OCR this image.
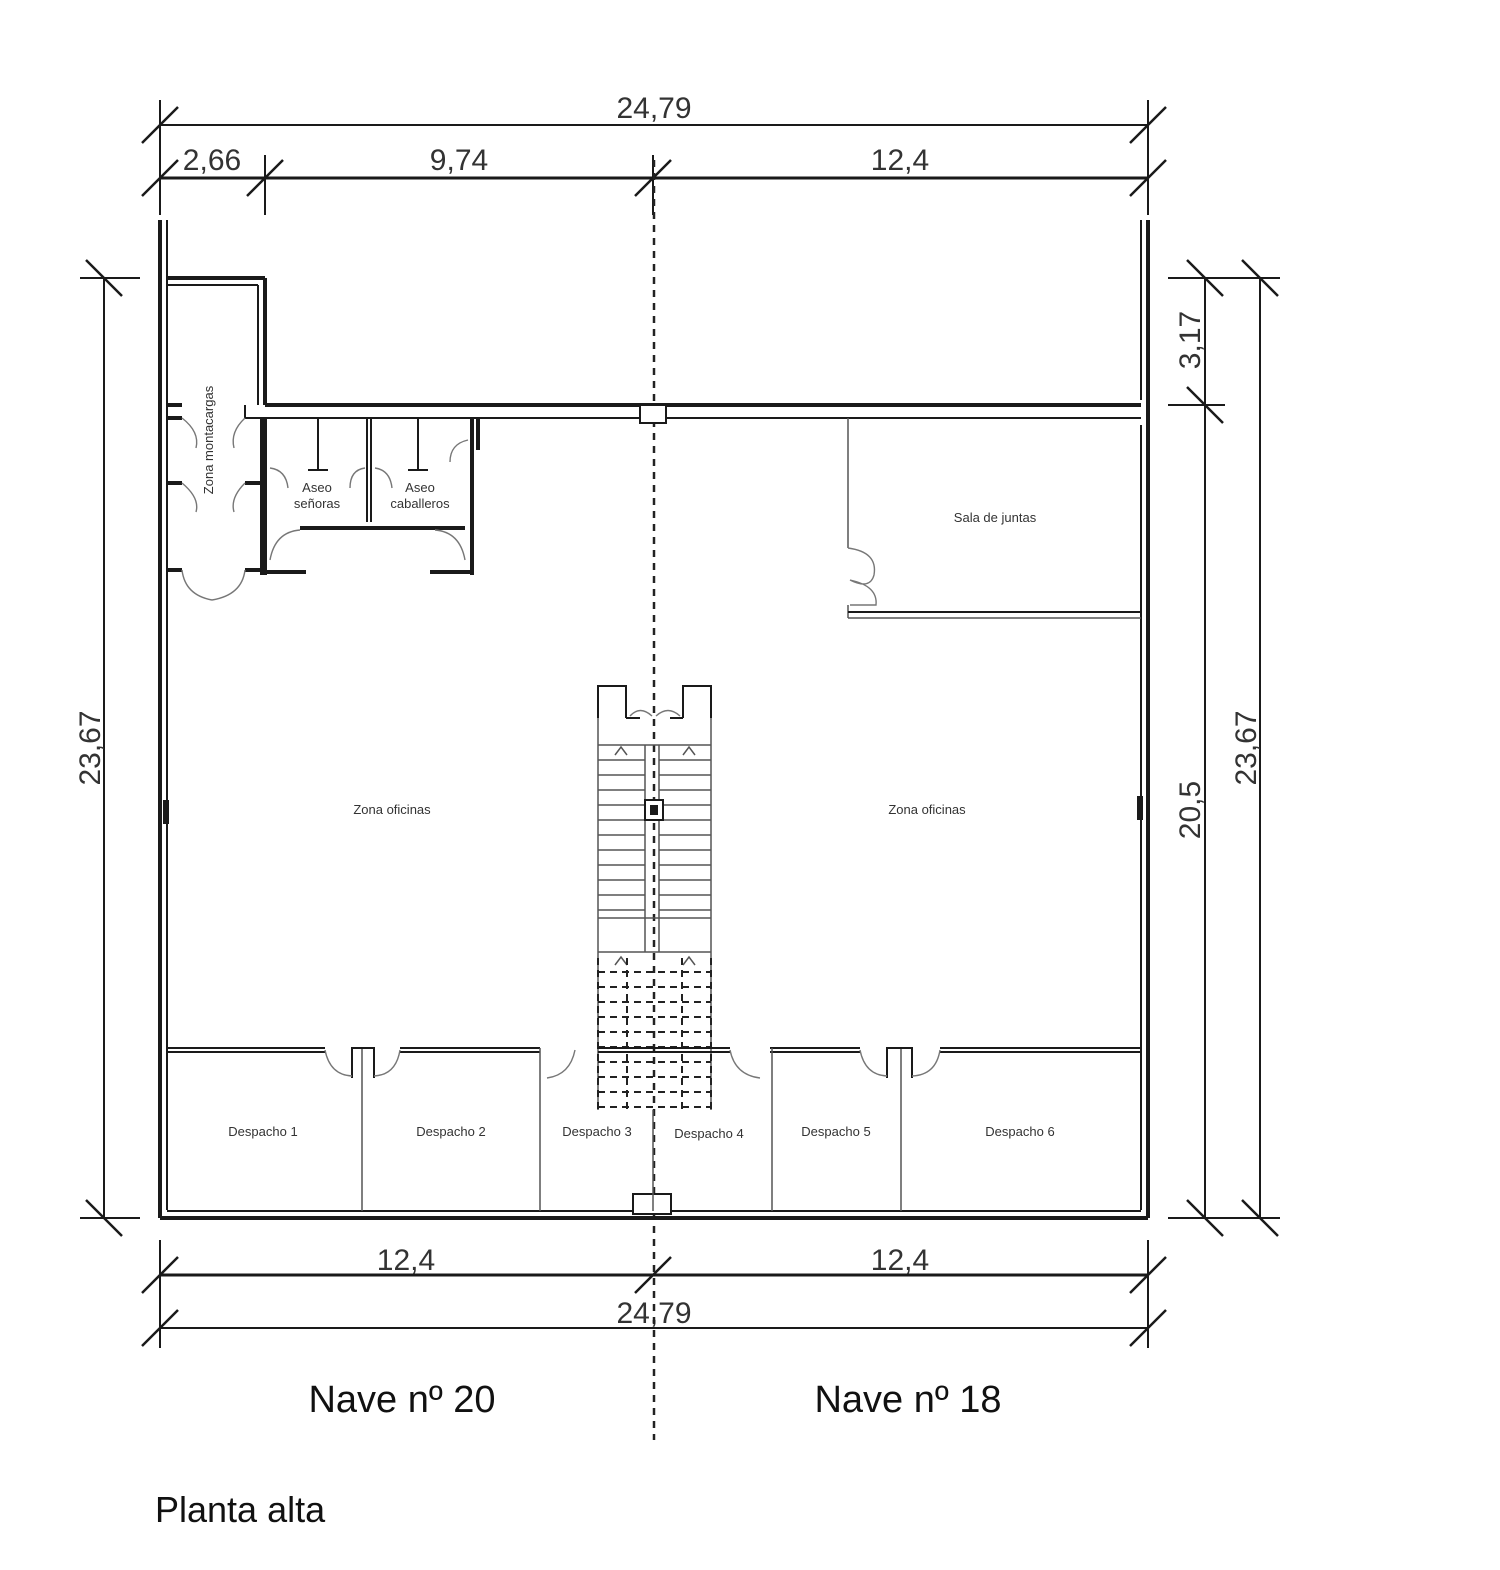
24,79
2,66	9,74	12,4
23,67
3,17
20,5
23,67
12,4	12,4
24,79
Zona montacargas	Aseo
señoras
Aseo
caballeros
Sala de juntas
Despacho 1	Despacho 2	Despacho 3	Despacho 4	Despacho 5	Despacho 6
Zona oficinas	Zona oficinas
Nave nº 20	Nave nº 18
Planta alta
